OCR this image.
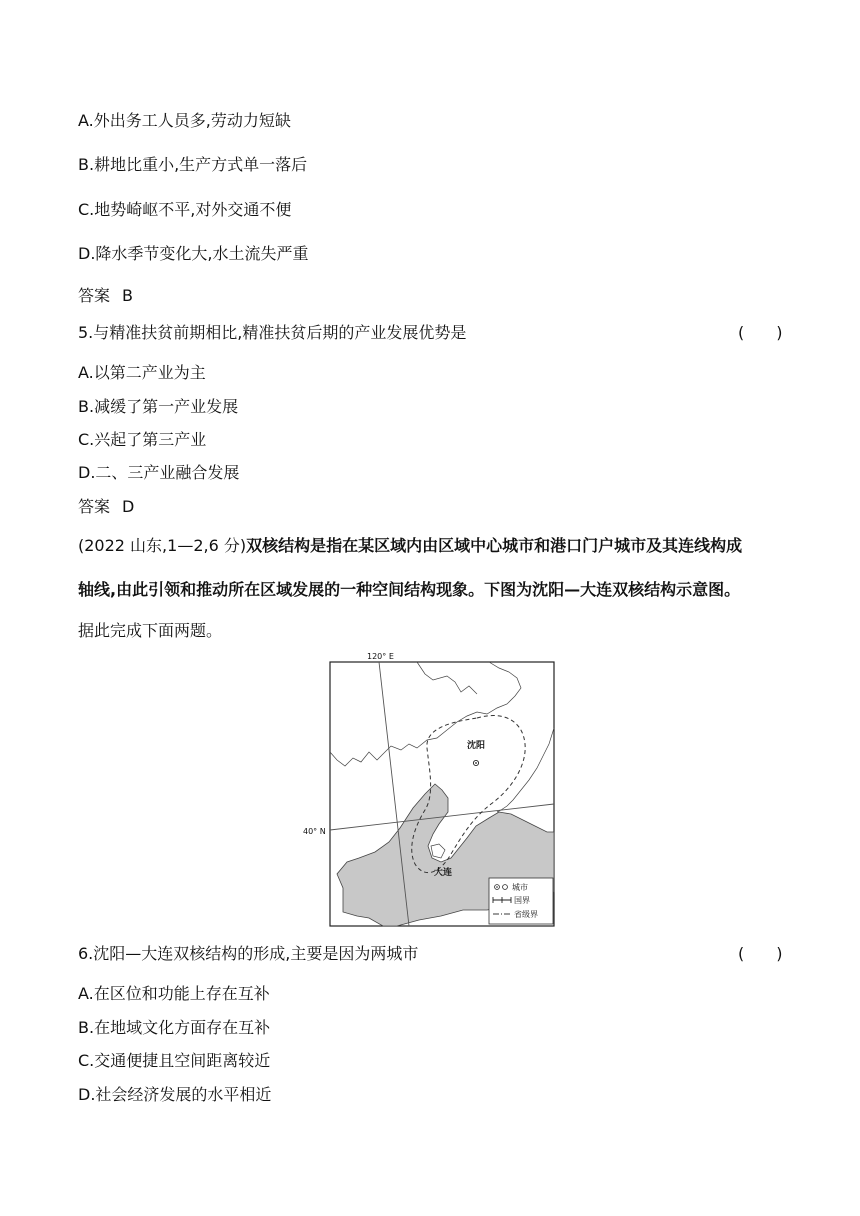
A.外出务工人员多,劳动力短缺
B.耕地比重小,生产方式单一落后
C.地势崎岖不平,对外交通不便
D.降水季节变化大,水土流失严重
答案 B
5.与精准扶贫前期相比,精准扶贫后期的产业发展优势是	(　　)
A.以第二产业为主
B.减缓了第一产业发展
C.兴起了第三产业
D.二、三产业融合发展
答案 D
(2022 山东,1—2,6 分)双核结构是指在某区域内由区域中心城市和港口门户城市及其连线构成
轴线,由此引领和推动所在区域发展的一种空间结构现象。下图为沈阳—大连双核结构示意图。
据此完成下面两题。
沈阳
大连
120° E
40° N
城市
国界
省级界
6.沈阳—大连双核结构的形成,主要是因为两城市	(　　)
A.在区位和功能上存在互补
B.在地域文化方面存在互补
C.交通便捷且空间距离较近
D.社会经济发展的水平相近
